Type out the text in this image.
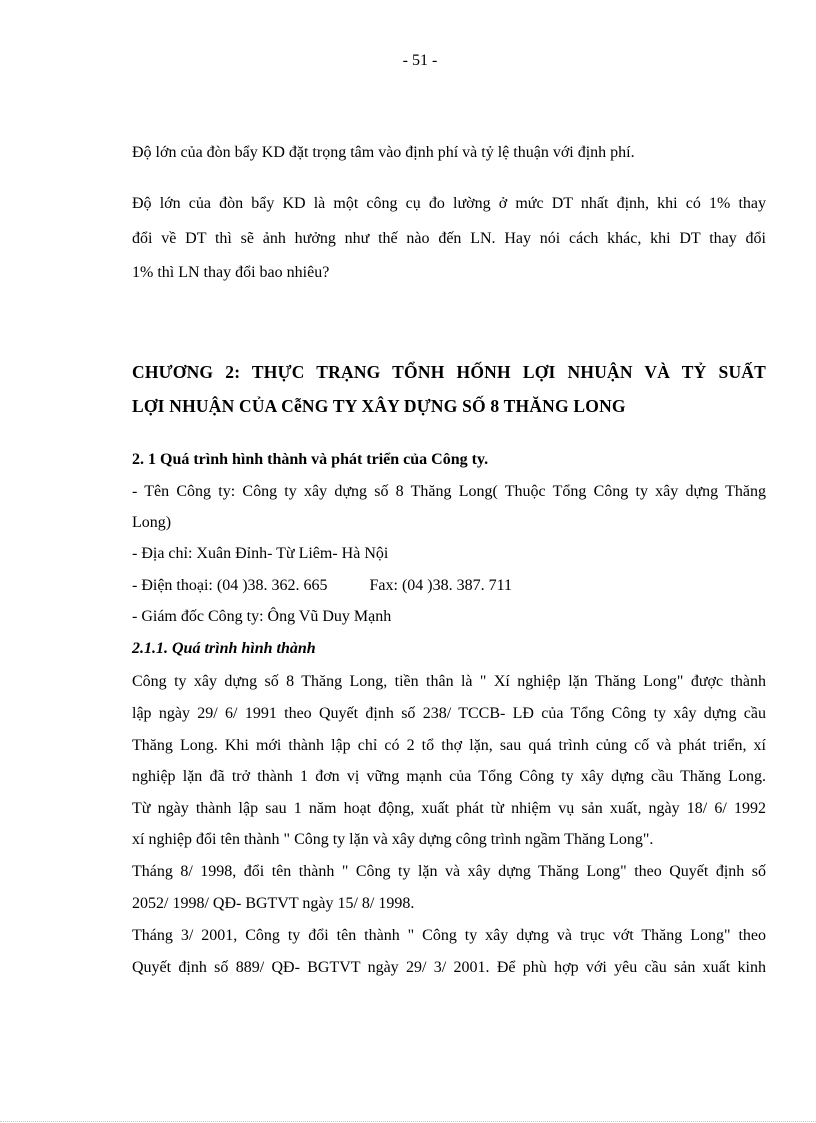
- 51 -
Độ lớn của đòn bẩy KD đặt trọng tâm vào định phí và tỷ lệ thuận với định phí.
Độ lớn của đòn bẩy KD là một công cụ đo lường ở mức DT nhất định, khi có 1% thay
đổi về DT thì sẽ ảnh hưởng như thế nào đến LN. Hay nói cách khác, khi DT thay đổi
1% thì LN thay đổi bao nhiêu?
CHƯƠNG 2: THỰC TRẠNG TỔNH HỐNH LỢI NHUẬN VÀ TỶ SUẤT
LỢI NHUẬN CỦA CễNG TY XÂY DỰNG SỐ 8 THĂNG LONG
2. 1 Quá trình hình thành và phát triển của Công ty.
- Tên Công ty: Công ty xây dựng số 8 Thăng Long( Thuộc Tổng Công ty xây dựng Thăng
Long)
- Địa chỉ: Xuân Đỉnh- Từ Liêm- Hà Nội
- Điện thoại: (04 )38. 362. 665	Fax: (04 )38. 387. 711
- Giám đốc Công ty: Ông Vũ Duy Mạnh
2.1.1. Quá trình hình thành
Công ty xây dựng số 8 Thăng Long, tiền thân là " Xí nghiệp lặn Thăng Long" được thành
lập ngày 29/ 6/ 1991 theo Quyết định số 238/ TCCB- LĐ của Tổng Công ty xây dựng cầu
Thăng Long. Khi mới thành lập chỉ có 2 tổ thợ lặn, sau quá trình củng cố và phát triển, xí
nghiệp lặn đã trở thành 1 đơn vị vững mạnh của Tổng Công ty xây dựng cầu Thăng Long.
Từ ngày thành lập sau 1 năm hoạt động, xuất phát từ nhiệm vụ sản xuất, ngày 18/ 6/ 1992
xí nghiệp đổi tên thành " Công ty lặn và xây dựng công trình ngầm Thăng Long".
Tháng 8/ 1998, đổi tên thành " Công ty lặn và xây dựng Thăng Long" theo Quyết định số
2052/ 1998/ QĐ- BGTVT ngày 15/ 8/ 1998.
Tháng 3/ 2001, Công ty đổi tên thành " Công ty xây dựng và trục vớt Thăng Long" theo
Quyết định số 889/ QĐ- BGTVT ngày 29/ 3/ 2001. Để phù hợp với yêu cầu sản xuất kinh
